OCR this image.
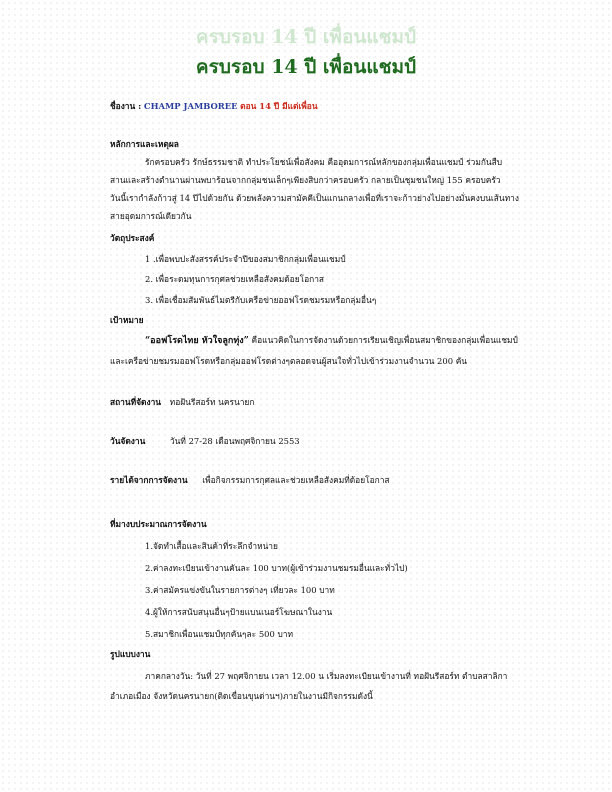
ครบรอบ 14 ปี เพื่อนแชมป์
ครบรอบ 14 ปี เพื่อนแชมป์
ชื่องาน : CHAMP JAMBOREE ตอน 14 ปี มีแต่เพื่อน
หลักการและเหตุผล
รักครอบครัว รักษ์ธรรมชาติ ทำประโยชน์เพื่อสังคม คืออุดมการณ์หลักของกลุ่มเพื่อนแชมป์ ร่วมกันสืบ
สานและสร้างตำนานผ่านพบาร้อนจากกลุ่มชนเล็กๆเพียงสิบกว่าครอบครัว กลายเป็นชุมชนใหญ่ 155 ครอบครัว
วันนี้เรากำลังก้าวสู่ 14 ปีไปด้วยกัน ด้วยพลังความสามัคคีเป็นแกนกลางเพื่อที่เราจะก้าวย่างไปอย่างมั่นคงบนเส้นทาง
สายอุดมการณ์เดียวกัน
วัตถุประสงค์
1 .เพื่อพบปะสังสรรค์ประจำปีของสมาชิกกลุ่มเพื่อนแชมป์
2. เพื่อระดมทุนการกุศลช่วยเหลือสังคมด้อยโอกาส
3. เพื่อเชื่อมสัมพันธ์ไมตรีกับเครือข่ายออฟโรดชมรมหรือกลุ่มอื่นๆ
เป้าหมาย
“ออฟโรดไทย หัวใจลูกทุ่ง” คือแนวคิดในการจัดงานด้วยการเรียนเชิญเพื่อนสมาชิกของกลุ่มเพื่อนแชมป์
และเครือข่ายชมรมออฟโรดหรือกลุ่มออฟโรดต่างๆตลอดจนผู้สนใจทั่วไปเข้าร่วมงานจำนวน 200 คัน
สถานที่จัดงาน ทอฝันรีสอร์ท นครนายก
วันจัดงาน	วันที่ 27-28 เดือนพฤศจิกายน 2553
รายได้จากการจัดงาน เพื่อกิจกรรมการกุศลและช่วยเหลือสังคมที่ด้อยโอกาส
ที่มางบประมาณการจัดงาน
1.จัดทำเสื้อและสินค้าที่ระลึกจำหน่าย
2.ค่าลงทะเบียนเข้างานคันละ 100 บาท(ผู้เข้าร่วมงานชมรมอื่นและทั่วไป)
3.ค่าสมัครแข่งขันในรายการต่างๆ เที่ยวละ 100 บาท
4.ผู้ให้การสนับสนุนอื่นๆป้ายแบนเนอร์โฆษณาในงาน
5.สมาชิกเพื่อนแชมป์ทุกคันๆละ 500 บาท
รูปแบบงาน
ภาคกลางวัน: วันที่ 27 พฤศจิกายน เวลา 12.00 น เริ่มลงทะเบียนเข้างานที่ ทอฝันรีสอร์ท ตำบลสาลิกา
อำเภอเมือง จังหวัดนครนายก(ติดเขื่อนขุนด่านฯ)ภายในงานมีกิจกรรมดังนี้
